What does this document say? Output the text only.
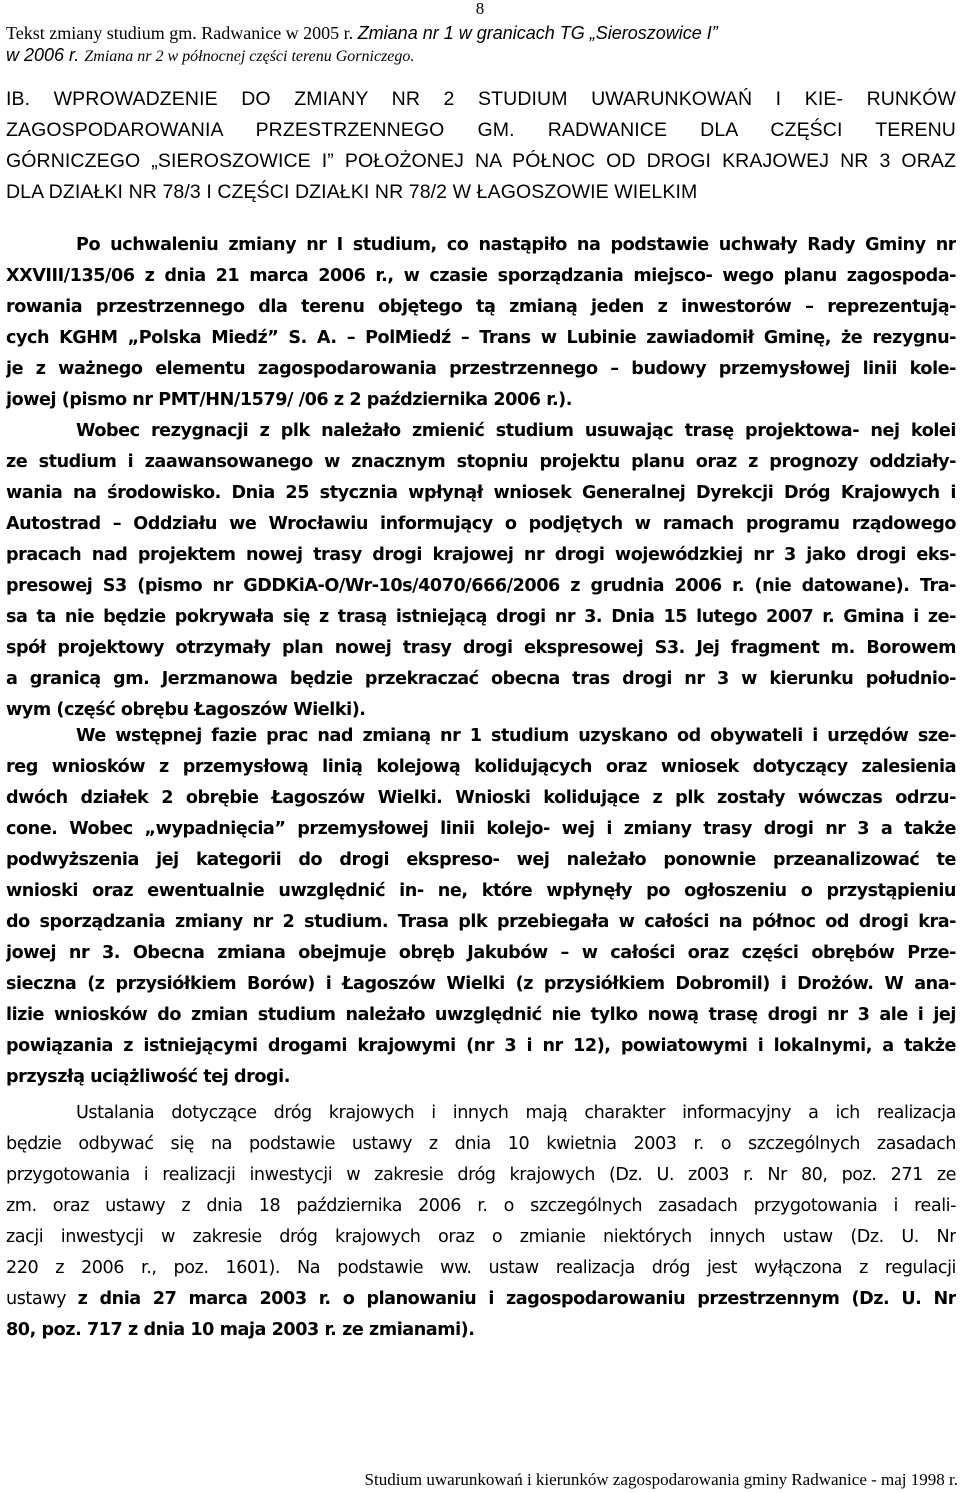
8
Tekst zmiany studium gm. Radwanice w 2005 r. Zmiana nr 1 w granicach TG „Sieroszowice I”
w 2006 r. Zmiana nr 2 w północnej części terenu Gorniczego.
IB. WPROWADZENIE DO ZMIANY NR 2 STUDIUM UWARUNKOWAŃ I KIE- RUNKÓW
ZAGOSPODAROWANIA PRZESTRZENNEGO GM. RADWANICE DLA CZĘŚCI TERENU
GÓRNICZEGO „SIEROSZOWICE I” POŁOŻONEJ NA PÓŁNOC OD DROGI KRAJOWEJ NR 3 ORAZ
DLA DZIAŁKI NR 78/3 I CZĘŚCI DZIAŁKI NR 78/2 W ŁAGOSZOWIE WIELKIM
Po uchwaleniu zmiany nr I studium, co nastąpiło na podstawie uchwały Rady Gminy nr
XXVIII/135/06 z dnia 21 marca 2006 r., w czasie sporządzania miejsco- wego planu zagospoda-
rowania przestrzennego dla terenu objętego tą zmianą jeden z inwestorów – reprezentują-
cych KGHM „Polska Miedź” S. A. – PolMiedź – Trans w Lubinie zawiadomił Gminę, że rezygnu-
je z ważnego elementu zagospodarowania przestrzennego – budowy przemysłowej linii kole-
jowej (pismo nr PMT/HN/1579/ /06 z 2 października 2006 r.).
Wobec rezygnacji z plk należało zmienić studium usuwając trasę projektowa- nej kolei
ze studium i zaawansowanego w znacznym stopniu projektu planu oraz z prognozy oddziały-
wania na środowisko. Dnia 25 stycznia wpłynął wniosek Generalnej Dyrekcji Dróg Krajowych i
Autostrad – Oddziału we Wrocławiu informujący o podjętych w ramach programu rządowego
pracach nad projektem nowej trasy drogi krajowej nr drogi wojewódzkiej nr 3 jako drogi eks-
presowej S3 (pismo nr GDDKiA-O/Wr-10s/4070/666/2006 z grudnia 2006 r. (nie datowane). Tra-
sa ta nie będzie pokrywała się z trasą istniejącą drogi nr 3. Dnia 15 lutego 2007 r. Gmina i ze-
spół projektowy otrzymały plan nowej trasy drogi ekspresowej S3. Jej fragment m. Borowem
a granicą gm. Jerzmanowa będzie przekraczać obecna tras drogi nr 3 w kierunku południo-
wym (część obrębu Łagoszów Wielki).
We wstępnej fazie prac nad zmianą nr 1 studium uzyskano od obywateli i urzędów sze-
reg wniosków z przemysłową linią kolejową kolidujących oraz wniosek dotyczący zalesienia
dwóch działek 2 obrębie Łagoszów Wielki. Wnioski kolidujące z plk zostały wówczas odrzu-
cone. Wobec „wypadnięcia” przemysłowej linii kolejo- wej i zmiany trasy drogi nr 3 a także
podwyższenia jej kategorii do drogi ekspreso- wej należało ponownie przeanalizować te
wnioski oraz ewentualnie uwzględnić in- ne, które wpłynęły po ogłoszeniu o przystąpieniu
do sporządzania zmiany nr 2 studium. Trasa plk przebiegała w całości na północ od drogi kra-
jowej nr 3. Obecna zmiana obejmuje obręb Jakubów – w całości oraz części obrębów Prze-
sieczna (z przysiółkiem Borów) i Łagoszów Wielki (z przysiółkiem Dobromil) i Drożów. W ana-
lizie wniosków do zmian studium należało uwzględnić nie tylko nową trasę drogi nr 3 ale i jej
powiązania z istniejącymi drogami krajowymi (nr 3 i nr 12), powiatowymi i lokalnymi, a także
przyszłą uciążliwość tej drogi.
Ustalania dotyczące dróg krajowych i innych mają charakter informacyjny a ich realizacja
będzie odbywać się na podstawie ustawy z dnia 10 kwietnia 2003 r. o szczególnych zasadach
przygotowania i realizacji inwestycji w zakresie dróg krajowych (Dz. U. z003 r. Nr 80, poz. 271 ze
zm. oraz ustawy z dnia 18 października 2006 r. o szczególnych zasadach przygotowania i reali-
zacji inwestycji w zakresie dróg krajowych oraz o zmianie niektórych innych ustaw (Dz. U. Nr
220 z 2006 r., poz. 1601). Na podstawie ww. ustaw realizacja dróg jest wyłączona z regulacji
ustawy z dnia 27 marca 2003 r. o planowaniu i zagospodarowaniu przestrzennym (Dz. U. Nr
80, poz. 717 z dnia 10 maja 2003 r. ze zmianami).
Studium uwarunkowań i kierunków zagospodarowania gminy Radwanice - maj 1998 r.
